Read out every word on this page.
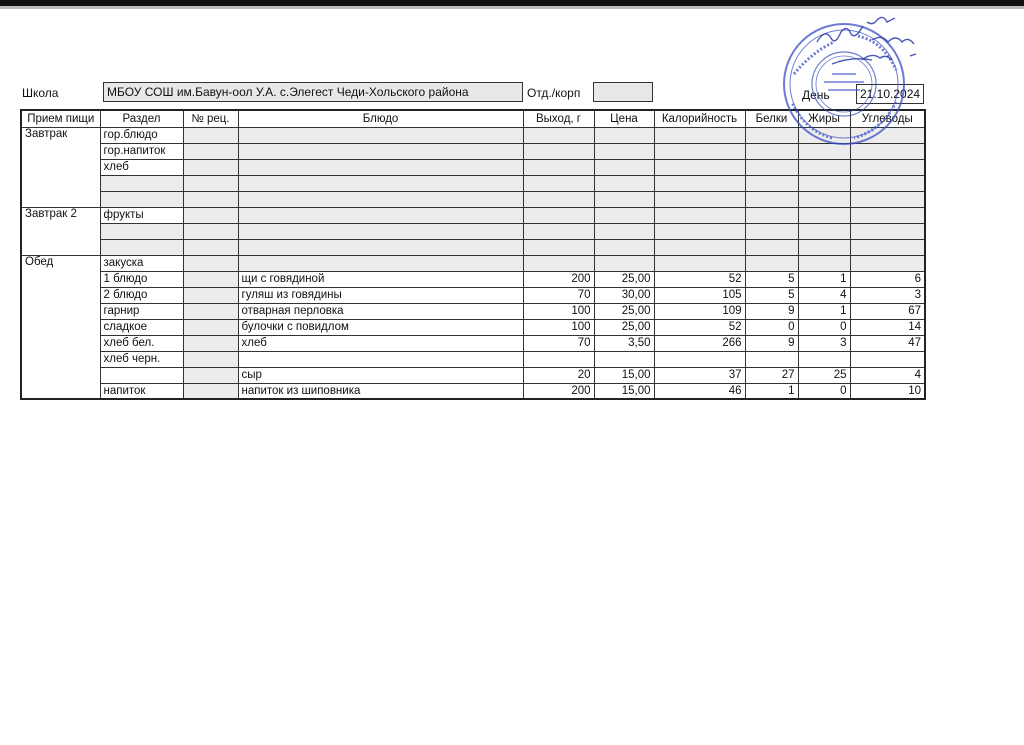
Школа	МБОУ СОШ им.Бавун-оол У.А. с.Элегест Чеди-Хольского района	Отд./корп	День	21.10.2024
Прием пищи	Раздел	№ рец.	Блюдо	Выход, г	Цена	Калорийность	Белки	Жиры	Углеводы
Завтрак	гор.блюдо								
	гор.напиток								
	хлеб								

Завтрак 2	фрукты								

Обед	закуска								
	1 блюдо		щи с говядиной	200	25,00	52	5	1	6
	2 блюдо		гуляш из говядины	70	30,00	105	5	4	3
	гарнир		отварная перловка	100	25,00	109	9	1	67
	сладкое		булочки с повидлом	100	25,00	52	0	0	14
	хлеб бел.		хлеб	70	3,50	266	9	3	47
	хлеб черн.								
			сыр	20	15,00	37	27	25	4
	напиток		напиток из шиповника	200	15,00	46	1	0	10
